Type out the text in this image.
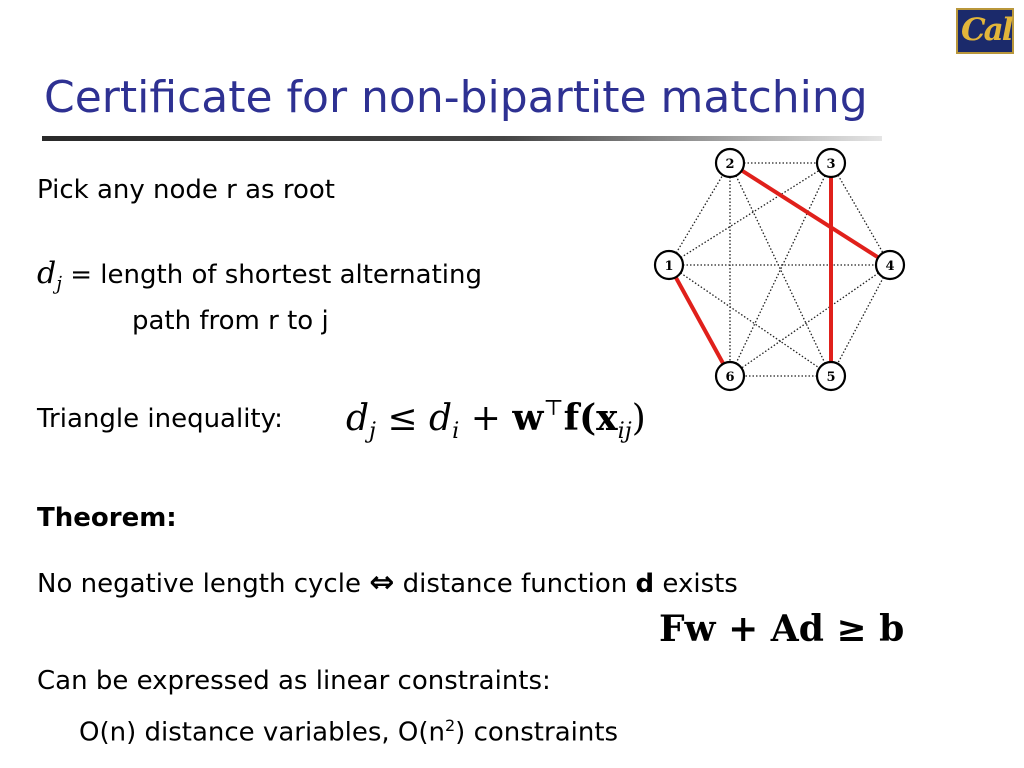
Certificate for non-bipartite matching
Cal
Pick any node r as root
$d_j$ = length of shortest alternating
path from r to j
Triangle inequality: $d_j \le d_i + w^⊤f(x_{ij})$
Theorem:
No negative length cycle ⇔ distance function d exists
Fw + Ad ≥ b
Can be expressed as linear constraints:
O(n) distance variables, $O(n^2)$ constraints
1
2	3
4
5
6
